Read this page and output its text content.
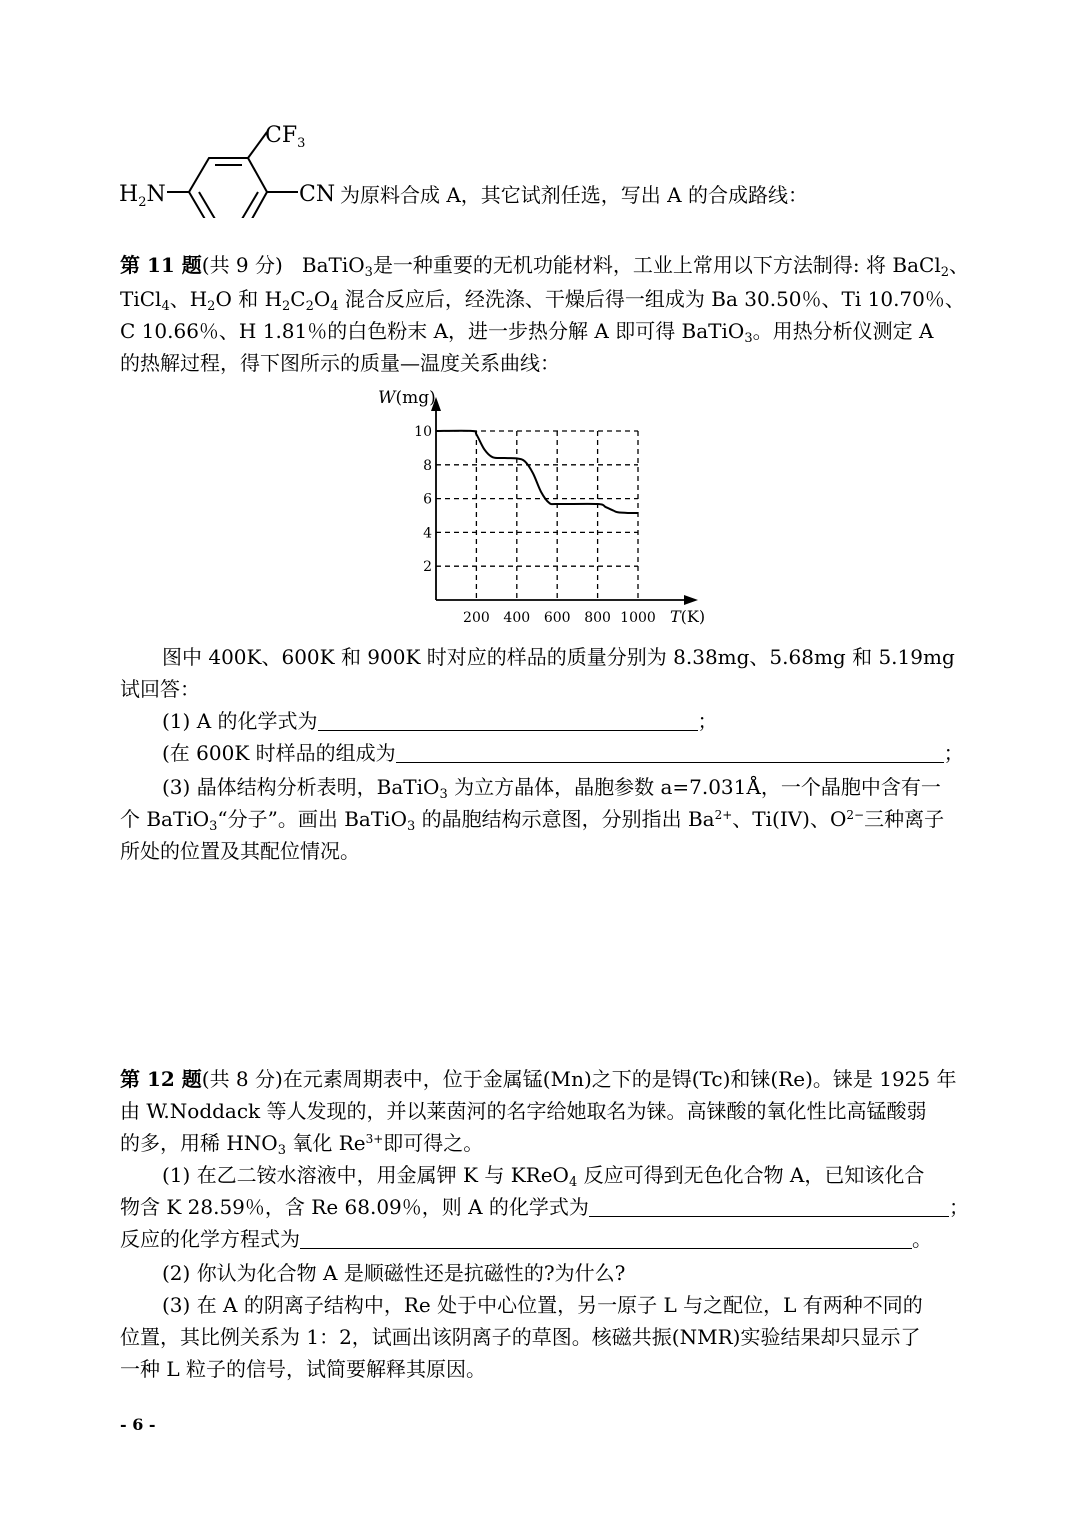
$CF_3$
$H_2N$	CN 为原料合成 A，其它试剂任选，写出 A 的合成路线：
第 11 题(共 9 分) BaTiO$_3$是一种重要的无机功能材料，工业上常用以下方法制得: 将 BaCl$_2$、
TiCl$_4$、$H_2O$ 和 $H_2C_2O_4$ 混合反应后，经洗涤、干燥后得一组成为 Ba 30.50％、Ti 10.70％、
C 10.66％、H 1.81％的白色粉末 A，进一步热分解 A 即可得 BaTiO$_3$。用热分析仪测定 A
的热解过程，得下图所示的质量—温度关系曲线：
200 400 600 800 1000
2
4
6
8
10
W(mg)
T(K)
图中 400K、600K 和 900K 时对应的样品的质量分别为 8.38mg、5.68mg 和 5.19mg
试回答：
(1) A 的化学式为	；
(在 600K 时样品的组成为	；
(3) 晶体结构分析表明，BaTiO$_3$ 为立方晶体，晶胞参数 a=7.031Å，一个晶胞中含有一
个 BaTiO$_3$“分子”。画出 BaTiO$_3$ 的晶胞结构示意图，分别指出 $Ba^{2+}$、Ti(IV)、$O^{2-}$三种离子
所处的位置及其配位情况。
第 12 题(共 8 分)在元素周期表中，位于金属锰(Mn)之下的是锝(Tc)和铼(Re)。铼是 1925 年
由 W.Noddack 等人发现的，并以莱茵河的名字给她取名为铼。高铼酸的氧化性比高锰酸弱
的多，用稀 $HNO_3$ 氧化 $Re^{3+}$即可得之。
(1) 在乙二铵水溶液中，用金属钾 K 与 KReO$_4$ 反应可得到无色化合物 A，已知该化合
物含 K 28.59％，含 Re 68.09％，则 A 的化学式为	；
反应的化学方程式为	。
(2) 你认为化合物 A 是顺磁性还是抗磁性的?为什么?
(3) 在 A 的阴离子结构中，Re 处于中心位置，另一原子 L 与之配位，L 有两种不同的
位置，其比例关系为 1：2，试画出该阴离子的草图。核磁共振(NMR)实验结果却只显示了
一种 L 粒子的信号，试简要解释其原因。
- 6 -
